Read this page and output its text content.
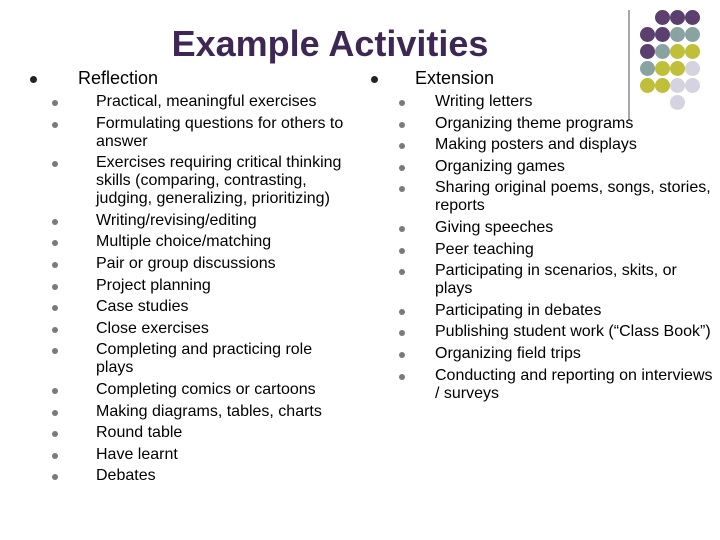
Example Activities
Reflection
Practical, meaningful exercises
Formulating questions for others to answer
Exercises requiring critical thinking skills (comparing, contrasting, judging, generalizing, prioritizing)
Writing/revising/editing
Multiple choice/matching
Pair or group discussions
Project planning
Case studies
Close exercises
Completing and practicing role plays
Completing comics or cartoons
Making diagrams, tables, charts
Round table
Have learnt
Debates
Extension
Writing letters
Organizing theme programs
Making posters and displays
Organizing games
Sharing original poems, songs, stories, reports
Giving speeches
Peer teaching
Participating in scenarios, skits, or plays
Participating in debates
Publishing student work (“Class Book”)
Organizing field trips
Conducting and reporting on interviews / surveys
